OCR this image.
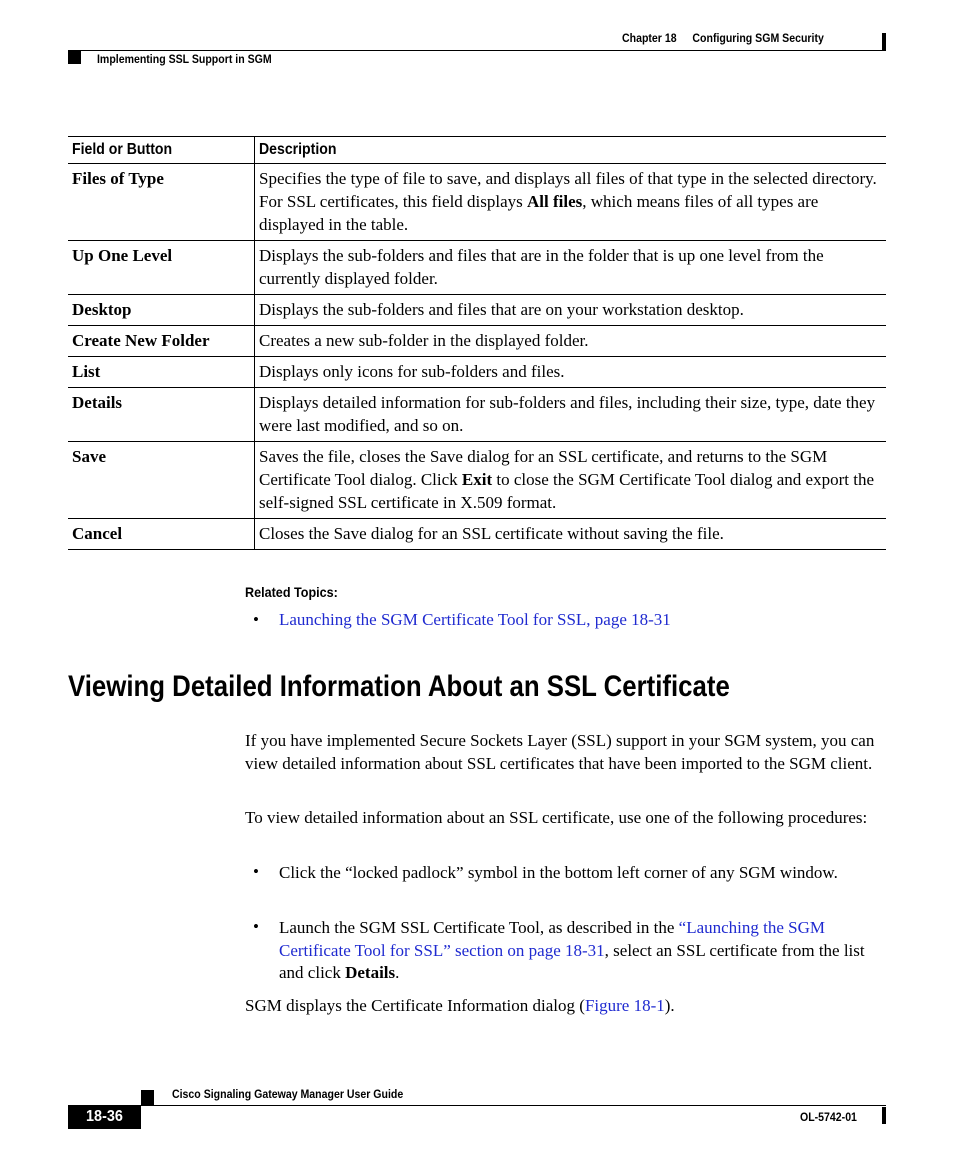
Chapter 18 Configuring SGM Security
Implementing SSL Support in SGM
Field or Button	Description
Files of Type	Specifies the type of file to save, and displays all files of that type in the selected directory. For SSL certificates, this field displays All files, which means files of all types are displayed in the table.
Up One Level	Displays the sub-folders and files that are in the folder that is up one level from the currently displayed folder.
Desktop	Displays the sub-folders and files that are on your workstation desktop.
Create New Folder	Creates a new sub-folder in the displayed folder.
List	Displays only icons for sub-folders and files.
Details	Displays detailed information for sub-folders and files, including their size, type, date they were last modified, and so on.
Save	Saves the file, closes the Save dialog for an SSL certificate, and returns to the SGM Certificate Tool dialog. Click Exit to close the SGM Certificate Tool dialog and export the self-signed SSL certificate in X.509 format.
Cancel	Closes the Save dialog for an SSL certificate without saving the file.
Related Topics:
• Launching the SGM Certificate Tool for SSL, page 18-31
Viewing Detailed Information About an SSL Certificate
If you have implemented Secure Sockets Layer (SSL) support in your SGM system, you can view detailed information about SSL certificates that have been imported to the SGM client.
To view detailed information about an SSL certificate, use one of the following procedures:
• Click the “locked padlock” symbol in the bottom left corner of any SGM window.
• Launch the SGM SSL Certificate Tool, as described in the “Launching the SGM Certificate Tool for SSL” section on page 18-31, select an SSL certificate from the list and click Details.
SGM displays the Certificate Information dialog (Figure 18-1).
Cisco Signaling Gateway Manager User Guide
18-36	OL-5742-01
